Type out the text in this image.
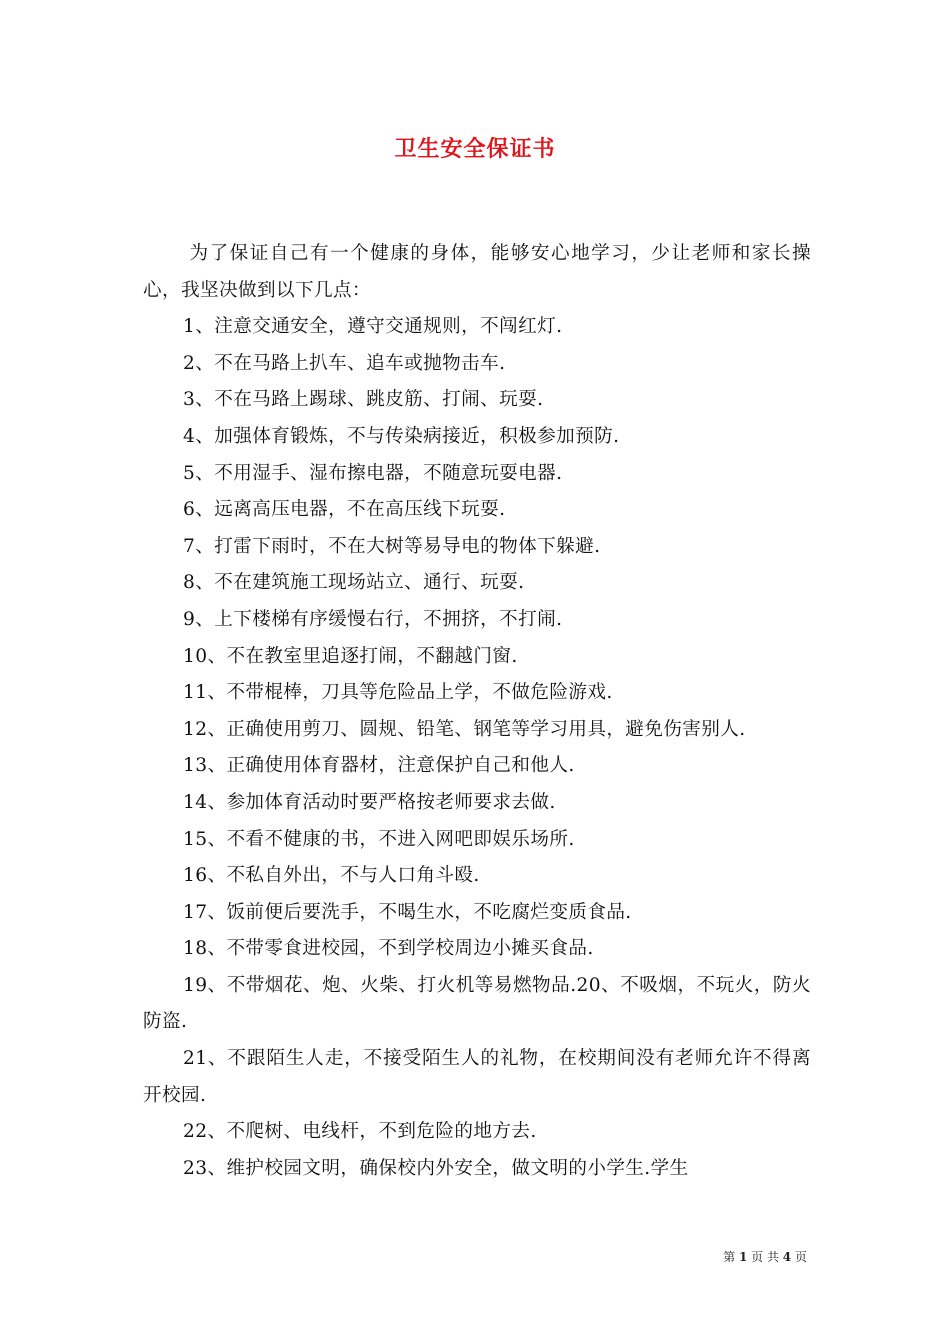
卫生安全保证书

为了保证自己有一个健康的身体，能够安心地学习，少让老师和家长操心，我坚决做到以下几点：

1、注意交通安全，遵守交通规则，不闯红灯.

2、不在马路上扒车、追车或抛物击车.

3、不在马路上踢球、跳皮筋、打闹、玩耍.

4、加强体育锻炼，不与传染病接近，积极参加预防.

5、不用湿手、湿布擦电器，不随意玩耍电器.

6、远离高压电器，不在高压线下玩耍.

7、打雷下雨时，不在大树等易导电的物体下躲避.

8、不在建筑施工现场站立、通行、玩耍.

9、上下楼梯有序缓慢右行，不拥挤，不打闹.

10、不在教室里追逐打闹，不翻越门窗.

11、不带棍棒，刀具等危险品上学，不做危险游戏.

12、正确使用剪刀、圆规、铅笔、钢笔等学习用具，避免伤害别人.

13、正确使用体育器材，注意保护自己和他人.

14、参加体育活动时要严格按老师要求去做.

15、不看不健康的书，不进入网吧即娱乐场所.

16、不私自外出，不与人口角斗殴.

17、饭前便后要洗手，不喝生水，不吃腐烂变质食品.

18、不带零食进校园，不到学校周边小摊买食品.

19、不带烟花、炮、火柴、打火机等易燃物品.20、不吸烟，不玩火，防火防盗.

21、不跟陌生人走，不接受陌生人的礼物，在校期间没有老师允许不得离开校园.

22、不爬树、电线杆，不到危险的地方去.

23、维护校园文明，确保校内外安全，做文明的小学生.学生

第 1 页 共 4 页
